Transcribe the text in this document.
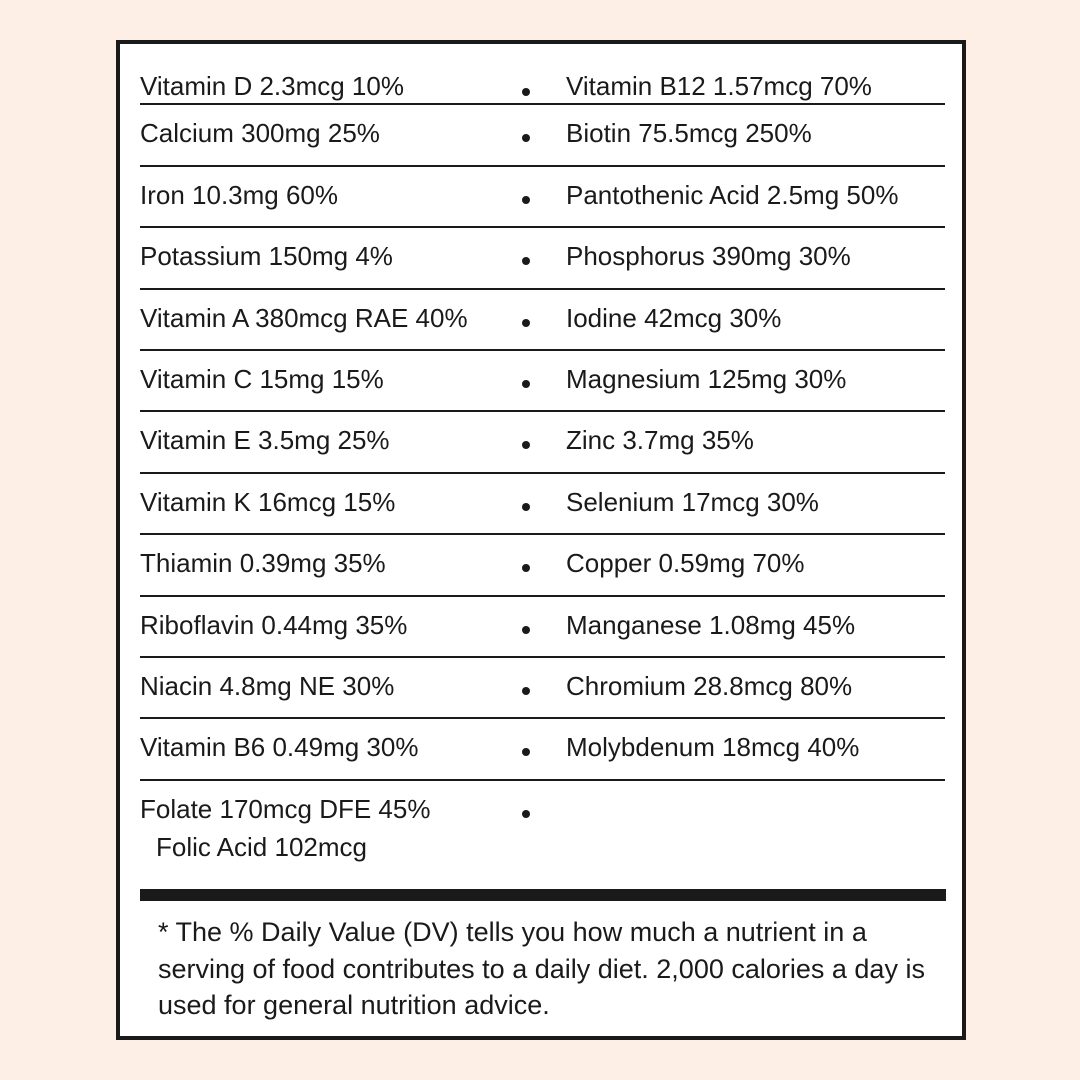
Vitamin D 2.3mcg 10%	Vitamin B12 1.57mcg 70%
Calcium 300mg 25%	Biotin 75.5mcg 250%
Iron 10.3mg 60%	Pantothenic Acid 2.5mg 50%
Potassium 150mg 4%	Phosphorus 390mg 30%
Vitamin A 380mcg RAE 40%	Iodine 42mcg 30%
Vitamin C 15mg 15%	Magnesium 125mg 30%
Vitamin E 3.5mg 25%	Zinc 3.7mg 35%
Vitamin K 16mcg 15%	Selenium 17mcg 30%
Thiamin 0.39mg 35%	Copper 0.59mg 70%
Riboflavin 0.44mg 35%	Manganese 1.08mg 45%
Niacin 4.8mg NE 30%	Chromium 28.8mcg 80%
Vitamin B6 0.49mg 30%	Molybdenum 18mcg 40%
Folate 170mcg DFE 45%
Folic Acid 102mcg
* The % Daily Value (DV) tells you how much a nutrient in a serving of food contributes to a daily diet. 2,000 calories a day is used for general nutrition advice.
